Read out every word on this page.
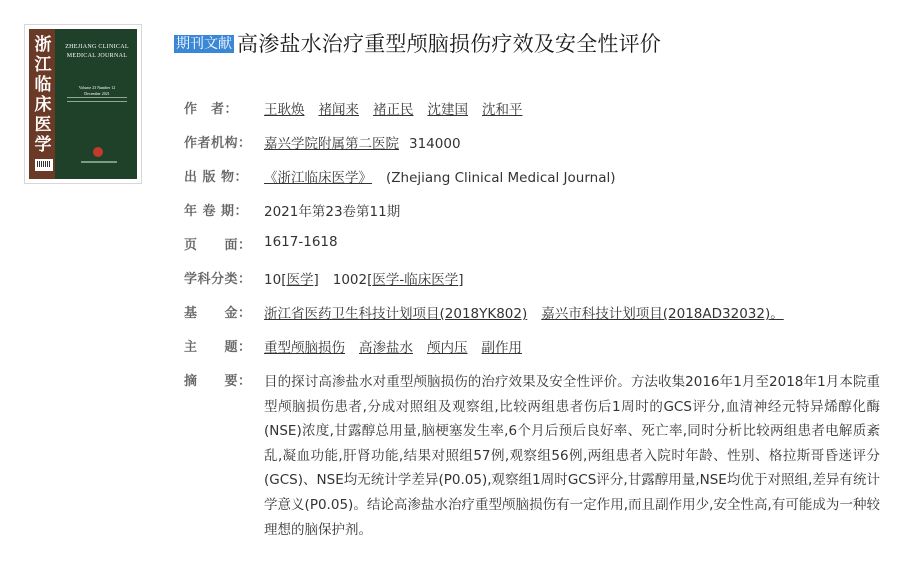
浙江临床医学
ZHEJIANG CLINICAL MEDICAL JOURNAL
Volume 23 Number 12
December 2021
期刊文献 高渗盐水治疗重型颅脑损伤疗效及安全性评价
作　者：	王耿焕 褚闻来 褚正民 沈建国 沈和平
作者机构： 嘉兴学院附属第二医院 314000
出 版 物：	《浙江临床医学》 (Zhejiang Clinical Medical Journal)
年 卷 期：	2021年第23卷第11期
页　　面： 1617-1618
学科分类： 10[医学] 1002[医学-临床医学]
基　　金： 浙江省医药卫生科技计划项目(2018YK802) 嘉兴市科技计划项目(2018AD32032)。
主　　题： 重型颅脑损伤 高渗盐水 颅内压 副作用
摘　　要： 目的探讨高渗盐水对重型颅脑损伤的治疗效果及安全性评价。方法收集2016年1月至2018年1月本院重型颅脑损伤患者,分成对照组及观察组,比较两组患者伤后1周时的GCS评分,血清神经元特异烯醇化酶(NSE)浓度,甘露醇总用量,脑梗塞发生率,6个月后预后良好率、死亡率,同时分析比较两组患者电解质紊乱,凝血功能,肝肾功能,结果对照组57例,观察组56例,两组患者入院时年龄、性别、格拉斯哥昏迷评分(GCS)、NSE均无统计学差异(P0.05),观察组1周时GCS评分,甘露醇用量,NSE均优于对照组,差异有统计学意义(P0.05)。结论高渗盐水治疗重型颅脑损伤有一定作用,而且副作用少,安全性高,有可能成为一种较理想的脑保护剂。
